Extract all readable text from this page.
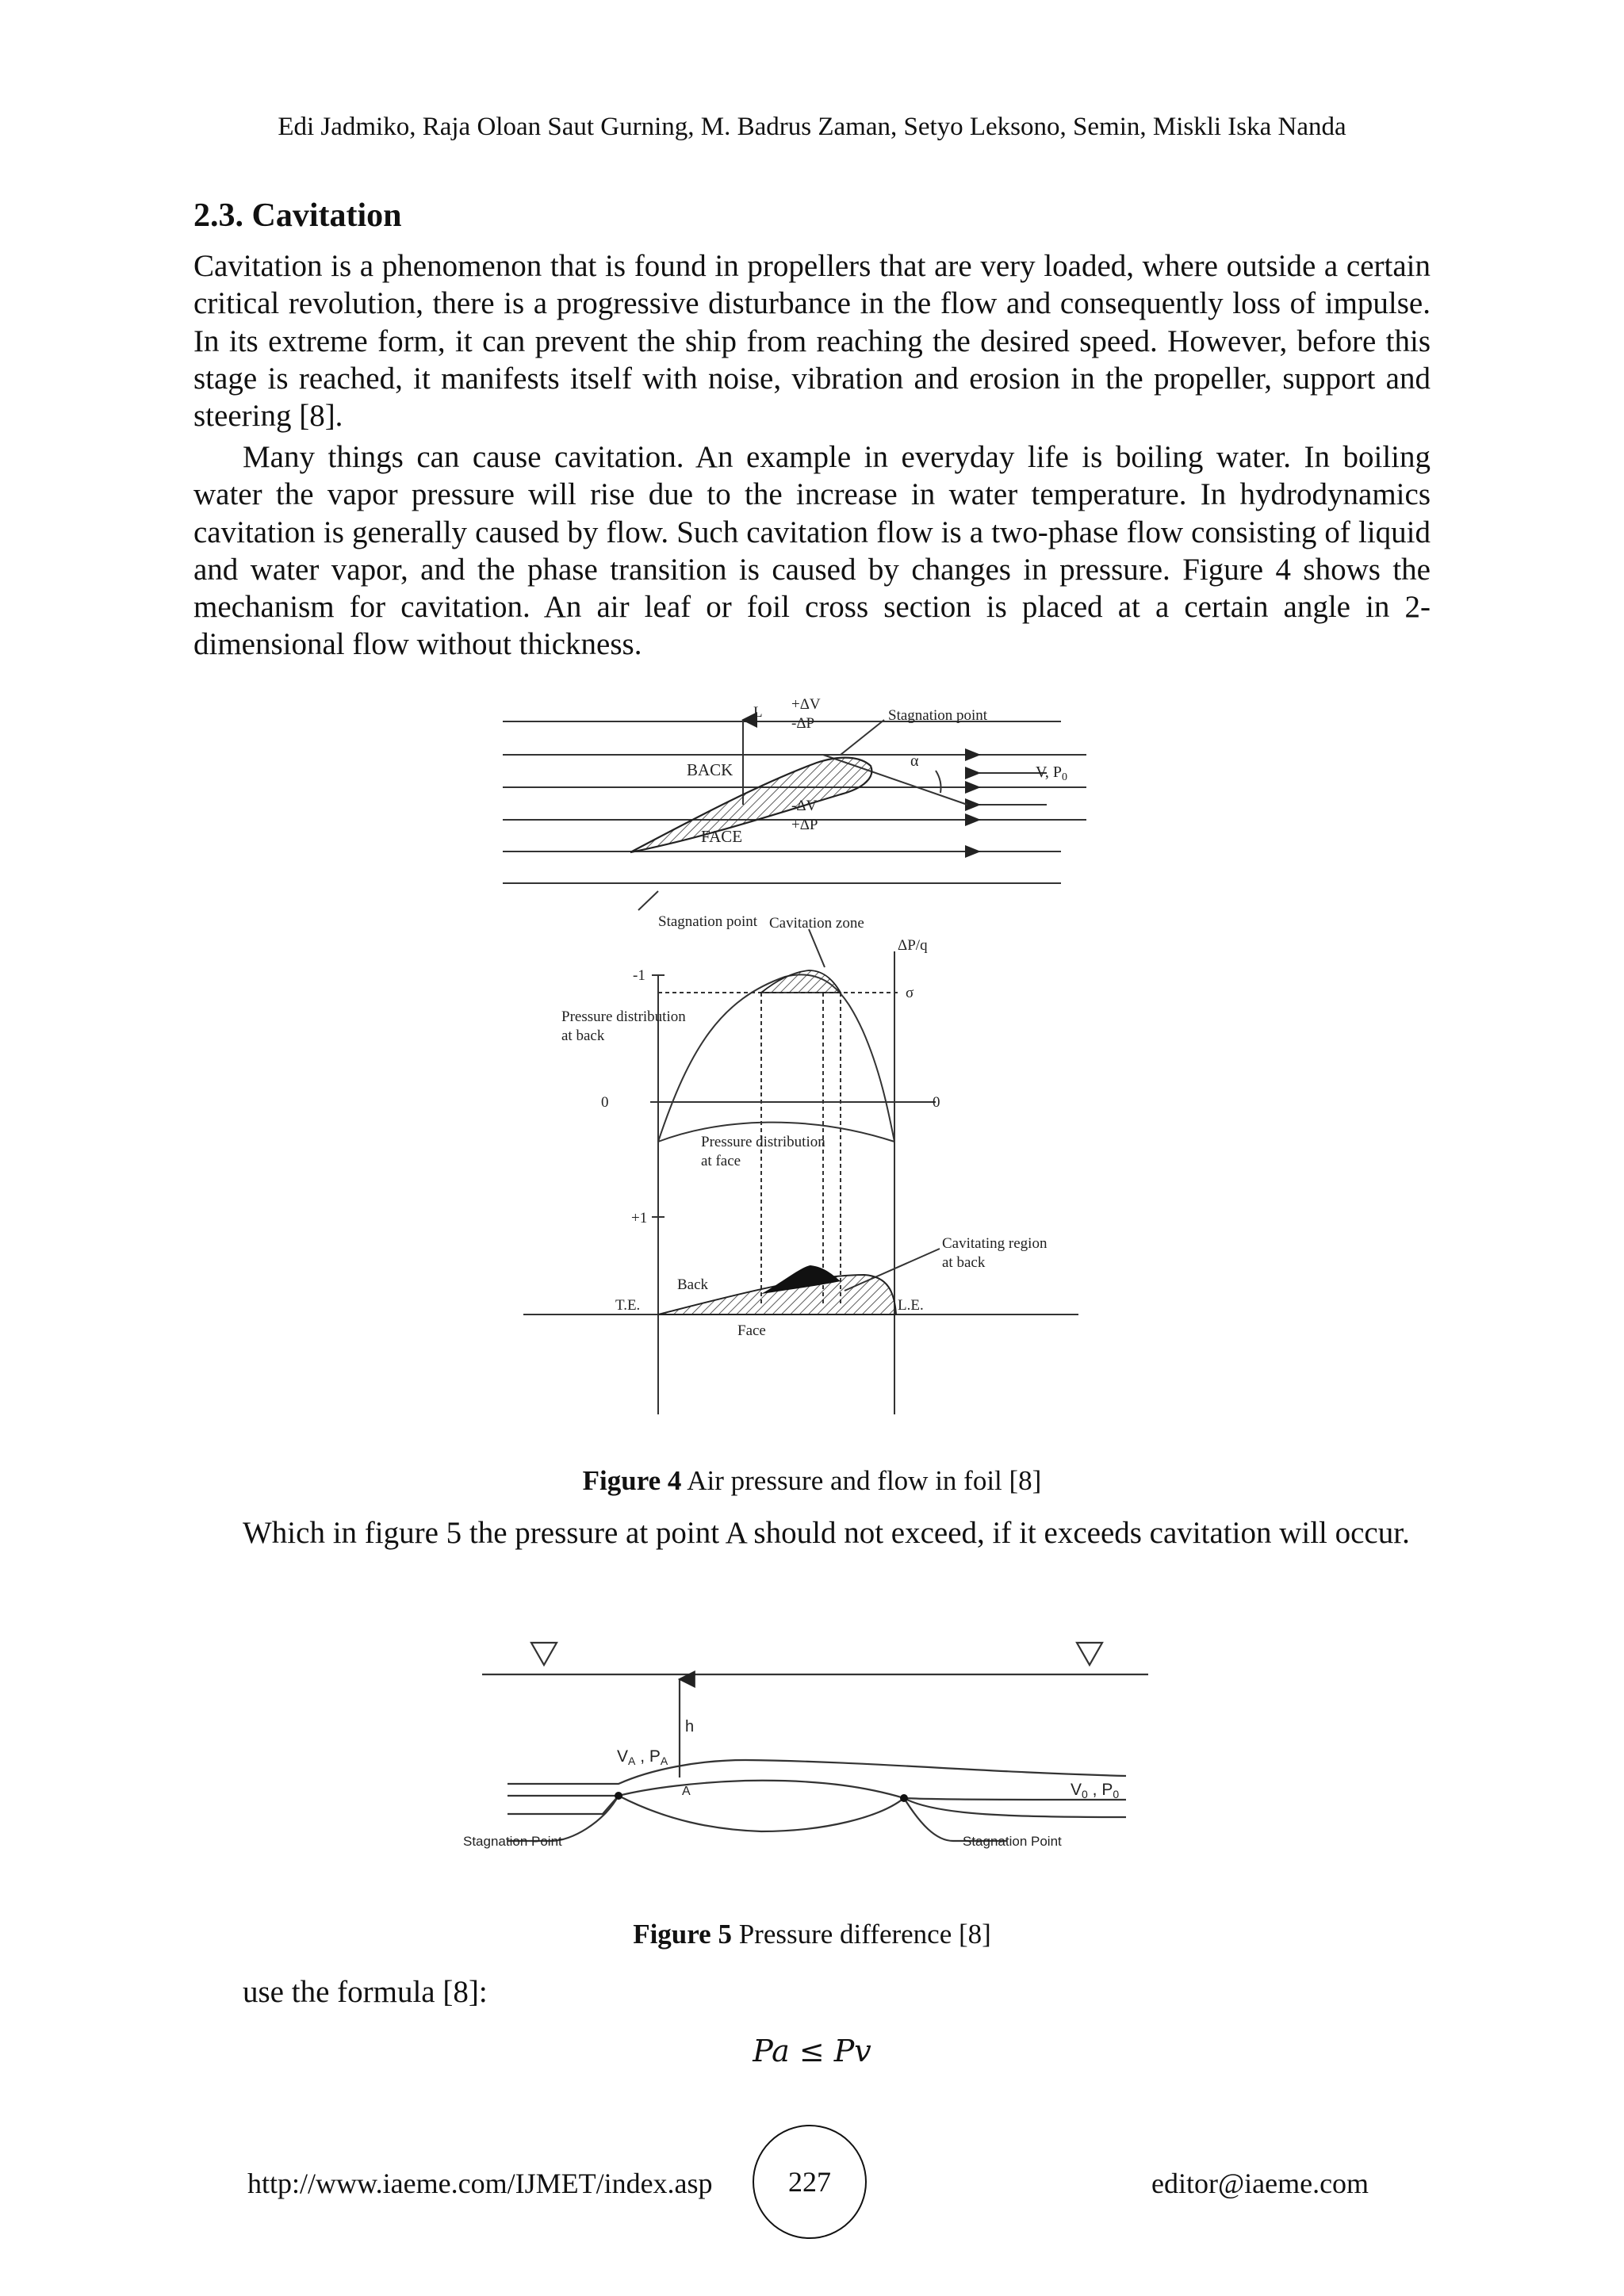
Edi Jadmiko, Raja Oloan Saut Gurning, M. Badrus Zaman, Setyo Leksono, Semin, Miskli Iska Nanda
2.3. Cavitation
Cavitation is a phenomenon that is found in propellers that are very loaded, where outside a certain critical revolution, there is a progressive disturbance in the flow and consequently loss of impulse. In its extreme form, it can prevent the ship from reaching the desired speed. However, before this stage is reached, it manifests itself with noise, vibration and erosion in the propeller, support and steering [8].
Many things can cause cavitation. An example in everyday life is boiling water. In boiling water the vapor pressure will rise due to the increase in water temperature. In hydrodynamics cavitation is generally caused by flow. Such cavitation flow is a two-phase flow consisting of liquid and water vapor, and the phase transition is caused by changes in pressure. Figure 4 shows the mechanism for cavitation. An air leaf or foil cross section is placed at a certain angle in 2-dimensional flow without thickness.
L +ΔV
-ΔP	Stagnation point
α
V, $P_0$
BACK
-ΔV
+ΔP
FACE
Stagnation point Cavitation zone
ΔP/q
-1
σ
Pressure distribution
at back
0	0
Pressure distribution
at face
+1
Cavitating region
at back
Back
T.E.	L.E.
Face
Figure 4 Air pressure and flow in foil [8]
Which in figure 5 the pressure at point A should not exceed, if it exceeds cavitation will occur.
h
VA , PA
A	V0 , P0
Stagnation Point	Stagnation Point
Figure 5 Pressure difference [8]
use the formula [8]:
Pa ≤ Pv
http://www.iaeme.com/IJMET/index.asp	227	editor@iaeme.com
